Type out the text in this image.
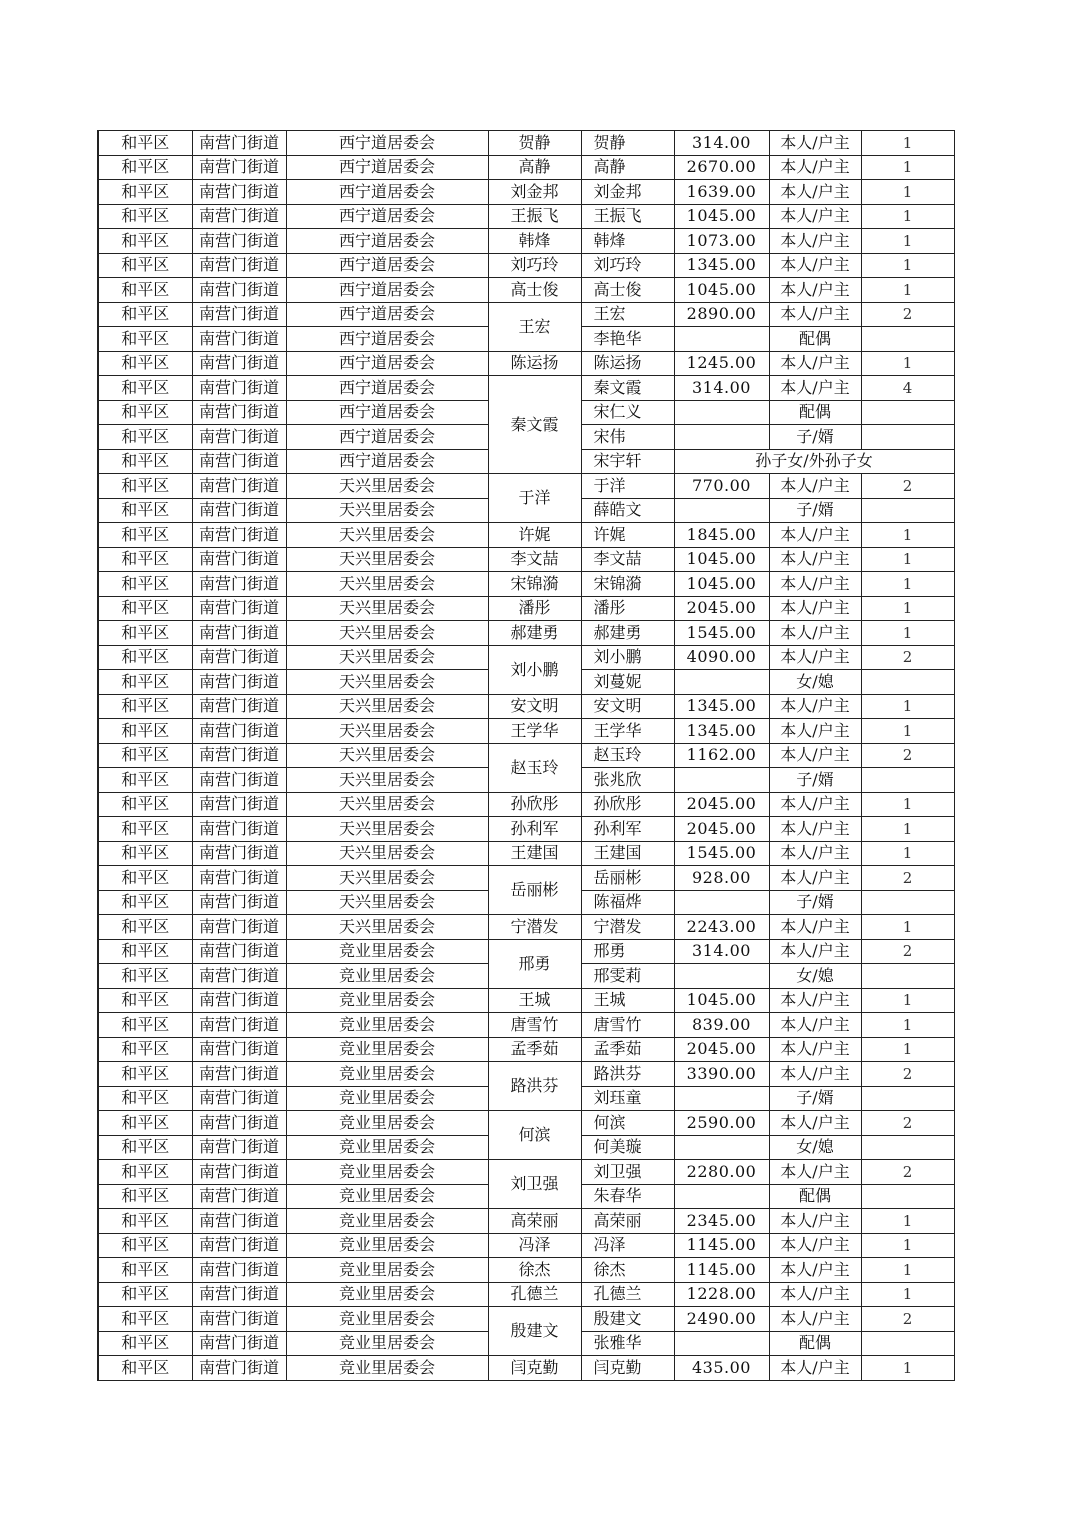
和平区	南营门街道	西宁道居委会	贺静	贺静	314.00	本人/户主	1
和平区	南营门街道	西宁道居委会	高静	高静	2670.00	本人/户主	1
和平区	南营门街道	西宁道居委会	刘金邦	刘金邦	1639.00	本人/户主	1
和平区	南营门街道	西宁道居委会	王振飞	王振飞	1045.00	本人/户主	1
和平区	南营门街道	西宁道居委会	韩烽	韩烽	1073.00	本人/户主	1
和平区	南营门街道	西宁道居委会	刘巧玲	刘巧玲	1345.00	本人/户主	1
和平区	南营门街道	西宁道居委会	高士俊	高士俊	1045.00	本人/户主	1
和平区	南营门街道	西宁道居委会	王宏	王宏	2890.00	本人/户主	2
和平区	南营门街道	西宁道居委会		李艳华		配偶	
和平区	南营门街道	西宁道居委会	陈运扬	陈运扬	1245.00	本人/户主	1
和平区	南营门街道	西宁道居委会	秦文霞	秦文霞	314.00	本人/户主	4
和平区	南营门街道	西宁道居委会		宋仁义		配偶	
和平区	南营门街道	西宁道居委会		宋伟		子/婿	
和平区	南营门街道	西宁道居委会		宋宇轩	孙子女/外孙子女		
和平区	南营门街道	天兴里居委会	于洋	于洋	770.00	本人/户主	2
和平区	南营门街道	天兴里居委会		薛皓文		子/婿	
和平区	南营门街道	天兴里居委会	许娓	许娓	1845.00	本人/户主	1
和平区	南营门街道	天兴里居委会	李文喆	李文喆	1045.00	本人/户主	1
和平区	南营门街道	天兴里居委会	宋锦漪	宋锦漪	1045.00	本人/户主	1
和平区	南营门街道	天兴里居委会	潘彤	潘彤	2045.00	本人/户主	1
和平区	南营门街道	天兴里居委会	郝建勇	郝建勇	1545.00	本人/户主	1
和平区	南营门街道	天兴里居委会	刘小鹏	刘小鹏	4090.00	本人/户主	2
和平区	南营门街道	天兴里居委会		刘蔓妮		女/媳	
和平区	南营门街道	天兴里居委会	安文明	安文明	1345.00	本人/户主	1
和平区	南营门街道	天兴里居委会	王学华	王学华	1345.00	本人/户主	1
和平区	南营门街道	天兴里居委会	赵玉玲	赵玉玲	1162.00	本人/户主	2
和平区	南营门街道	天兴里居委会		张兆欣		子/婿	
和平区	南营门街道	天兴里居委会	孙欣彤	孙欣彤	2045.00	本人/户主	1
和平区	南营门街道	天兴里居委会	孙利军	孙利军	2045.00	本人/户主	1
和平区	南营门街道	天兴里居委会	王建国	王建国	1545.00	本人/户主	1
和平区	南营门街道	天兴里居委会	岳丽彬	岳丽彬	928.00	本人/户主	2
和平区	南营门街道	天兴里居委会		陈福烨		子/婿	
和平区	南营门街道	天兴里居委会	宁潜发	宁潜发	2243.00	本人/户主	1
和平区	南营门街道	竞业里居委会	邢勇	邢勇	314.00	本人/户主	2
和平区	南营门街道	竞业里居委会		邢雯莉		女/媳	
和平区	南营门街道	竞业里居委会	王城	王城	1045.00	本人/户主	1
和平区	南营门街道	竞业里居委会	唐雪竹	唐雪竹	839.00	本人/户主	1
和平区	南营门街道	竞业里居委会	孟季茹	孟季茹	2045.00	本人/户主	1
和平区	南营门街道	竞业里居委会	路洪芬	路洪芬	3390.00	本人/户主	2
和平区	南营门街道	竞业里居委会		刘珏童		子/婿	
和平区	南营门街道	竞业里居委会	何滨	何滨	2590.00	本人/户主	2
和平区	南营门街道	竞业里居委会		何美璇		女/媳	
和平区	南营门街道	竞业里居委会	刘卫强	刘卫强	2280.00	本人/户主	2
和平区	南营门街道	竞业里居委会		朱春华		配偶	
和平区	南营门街道	竞业里居委会	高荣丽	高荣丽	2345.00	本人/户主	1
和平区	南营门街道	竞业里居委会	冯泽	冯泽	1145.00	本人/户主	1
和平区	南营门街道	竞业里居委会	徐杰	徐杰	1145.00	本人/户主	1
和平区	南营门街道	竞业里居委会	孔德兰	孔德兰	1228.00	本人/户主	1
和平区	南营门街道	竞业里居委会	殷建文	殷建文	2490.00	本人/户主	2
和平区	南营门街道	竞业里居委会		张雅华		配偶	
和平区	南营门街道	竞业里居委会	闫克勤	闫克勤	435.00	本人/户主	1
